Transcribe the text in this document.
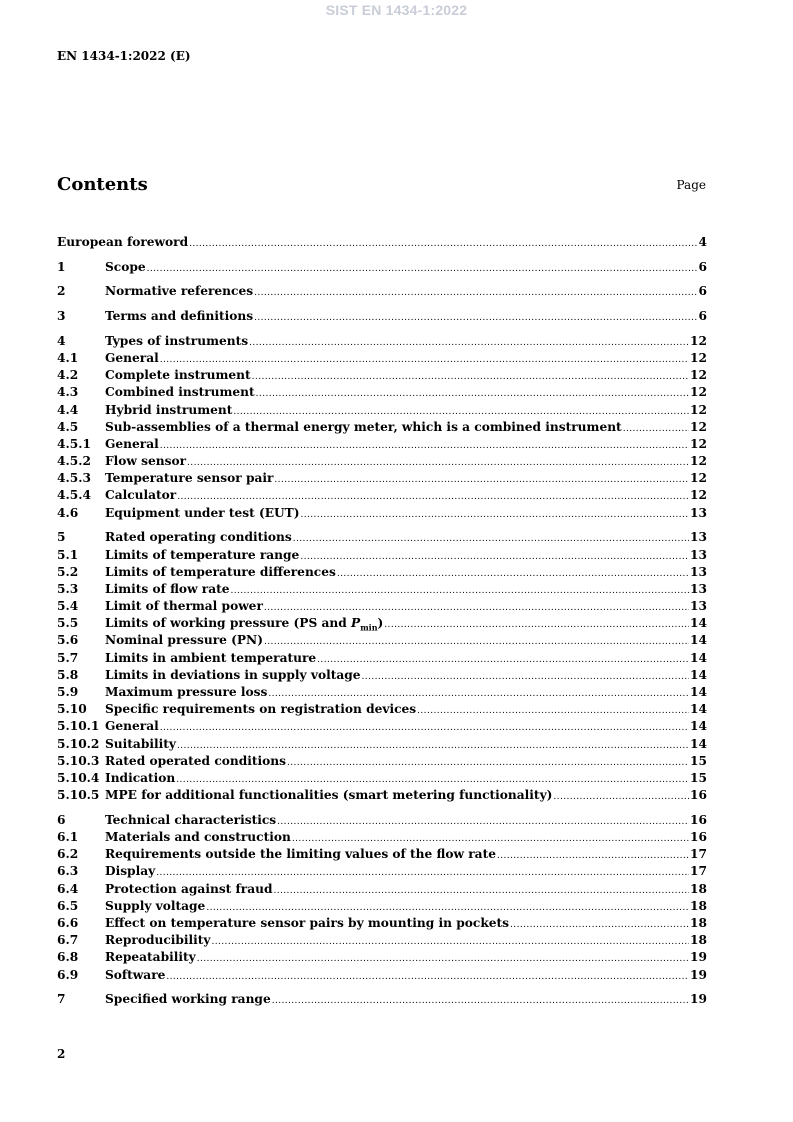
SIST EN 1434-1:2022
EN 1434-1:2022 (E)
Contents	Page
European foreword .....	4
1	Scope .....	6
2	Normative references .....	6
3	Terms and definitions .....	6
4	Types of instruments .....	12
4.1	General .....	12
4.2	Complete instrument .....	12
4.3	Combined instrument .....	12
4.4	Hybrid instrument .....	12
4.5	Sub-assemblies of a thermal energy meter, which is a combined instrument .....	12
4.5.1	General .....	12
4.5.2	Flow sensor .....	12
4.5.3	Temperature sensor pair .....	12
4.5.4	Calculator .....	12
4.6	Equipment under test (EUT) .....	13
5	Rated operating conditions .....	13
5.1	Limits of temperature range .....	13
5.2	Limits of temperature differences .....	13
5.3	Limits of flow rate .....	13
5.4	Limit of thermal power .....	13
5.5	Limits of working pressure (PS and $P_{min}$) .....	14
5.6	Nominal pressure (PN) .....	14
5.7	Limits in ambient temperature .....	14
5.8	Limits in deviations in supply voltage .....	14
5.9	Maximum pressure loss .....	14
5.10	Specific requirements on registration devices .....	14
5.10.1 General .....	14
5.10.2 Suitability .....	14
5.10.3 Rated operated conditions .....	15
5.10.4 Indication .....	15
5.10.5 MPE for additional functionalities (smart metering functionality) .....	16
6	Technical characteristics .....	16
6.1	Materials and construction .....	16
6.2	Requirements outside the limiting values of the flow rate .....	17
6.3	Display .....	17
6.4	Protection against fraud .....	18
6.5	Supply voltage .....	18
6.6	Effect on temperature sensor pairs by mounting in pockets .....	18
6.7	Reproducibility .....	18
6.8	Repeatability .....	19
6.9	Software .....	19
7	Specified working range .....	19
2
